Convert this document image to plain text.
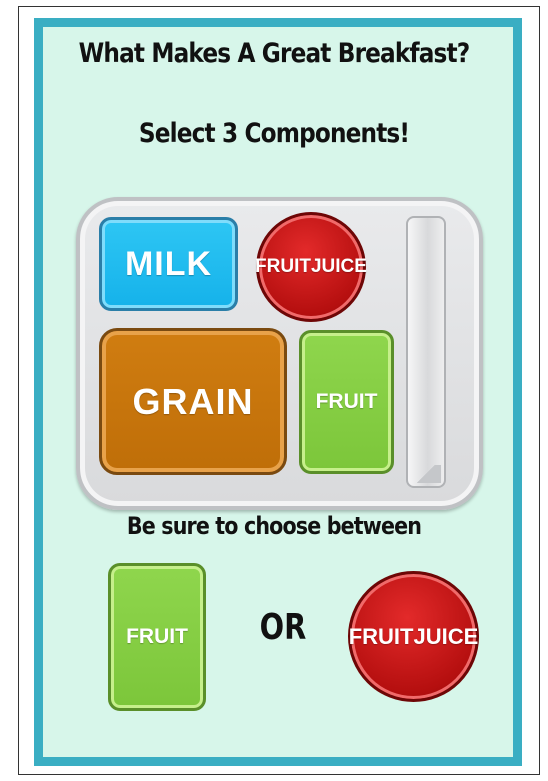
What Makes A Great Breakfast?
Select 3 Components!
MILK	FRUIT JUICE
GRAIN	FRUIT
Be sure to choose between
FRUIT	OR FRUIT JUICE
